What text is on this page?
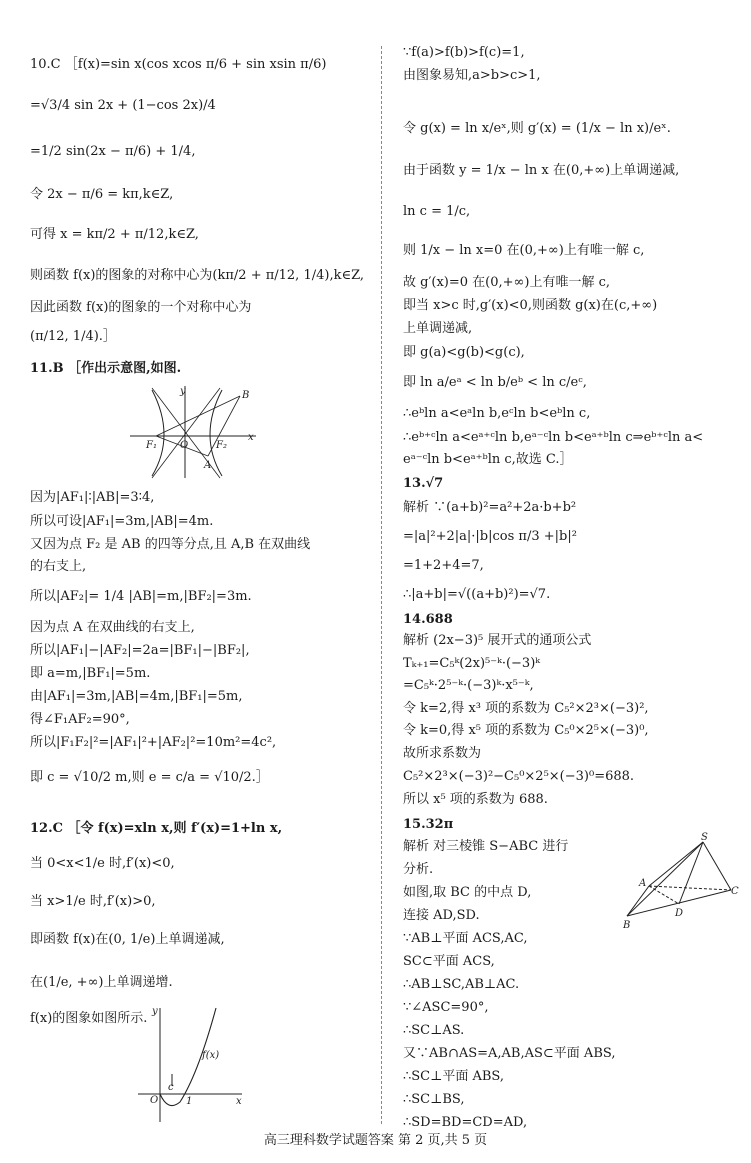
10.C ［f(x)=sin x(cos xcos π/6 + sin xsin π/6)
=√3/4 sin 2x + (1−cos 2x)/4
=1/2 sin(2x − π/6) + 1/4,
令 2x − π/6 = kπ,k∈Z,
可得 x = kπ/2 + π/12,k∈Z,
则函数 f(x)的图象的对称中心为(kπ/2 + π/12, 1/4),k∈Z,
因此函数 f(x)的图象的一个对称中心为
(π/12, 1/4).］
11.B ［作出示意图,如图.
y	B
F₁ O	F₂
A
x
因为|AF₁|∶|AB|=3∶4,
所以可设|AF₁|=3m,|AB|=4m.
又因为点 F₂ 是 AB 的四等分点,且 A,B 在双曲线
的右支上,
所以|AF₂|= 1/4 |AB|=m,|BF₂|=3m.
因为点 A 在双曲线的右支上,
所以|AF₁|−|AF₂|=2a=|BF₁|−|BF₂|,
即 a=m,|BF₁|=5m.
由|AF₁|=3m,|AB|=4m,|BF₁|=5m,
得∠F₁AF₂=90°,
所以|F₁F₂|²=|AF₁|²+|AF₂|²=10m²=4c²,
即 c = √10/2 m,则 e = c/a = √10/2.］
12.C ［令 f(x)=xln x,则 f′(x)=1+ln x,
当 0<x<1/e 时,f′(x)<0,
当 x>1/e 时,f′(x)>0,
即函数 f(x)在(0, 1/e)上单调递减,
在(1/e, +∞)上单调递增.
f(x)的图象如图所示. y
f(x)
c
O	1	x
∵f(a)>f(b)>f(c)=1,
由图象易知,a>b>c>1,
令 g(x) = ln x/eˣ,则 g′(x) = (1/x − ln x)/eˣ.
由于函数 y = 1/x − ln x 在(0,+∞)上单调递减,
ln c = 1/c,
则 1/x − ln x=0 在(0,+∞)上有唯一解 c,
故 g′(x)=0 在(0,+∞)上有唯一解 c,
即当 x>c 时,g′(x)<0,则函数 g(x)在(c,+∞)
上单调递减,
即 g(a)<g(b)<g(c),
即 ln a/eᵃ < ln b/eᵇ < ln c/eᶜ,
∴eᵇln a<eᵃln b,eᶜln b<eᵇln c,
∴eᵇ⁺ᶜln a<eᵃ⁺ᶜln b,eᵃ⁻ᶜln b<eᵃ⁺ᵇln c⇒eᵇ⁺ᶜln a<
eᵃ⁻ᶜln b<eᵃ⁺ᵇln c,故选 C.］
13.√7
解析 ∵(a+b)²=a²+2a·b+b²
=|a|²+2|a|·|b|cos π/3 +|b|²
=1+2+4=7,
∴|a+b|=√((a+b)²)=√7.
14.688
解析 (2x−3)⁵ 展开式的通项公式
Tₖ₊₁=C₅ᵏ(2x)⁵⁻ᵏ·(−3)ᵏ
=C₅ᵏ·2⁵⁻ᵏ·(−3)ᵏ·x⁵⁻ᵏ,
令 k=2,得 x³ 项的系数为 C₅²×2³×(−3)²,
令 k=0,得 x⁵ 项的系数为 C₅⁰×2⁵×(−3)⁰,
故所求系数为
C₅²×2³×(−3)²−C₅⁰×2⁵×(−3)⁰=688.
所以 x⁵ 项的系数为 688.
15.32π
解析 对三棱锥 S−ABC 进行
分析.
如图,取 BC 的中点 D,
连接 AD,SD.
∵AB⊥平面 ACS,AC,
SC⊂平面 ACS,
∴AB⊥SC,AB⊥AC.
∵∠ASC=90°,
∴SC⊥AS.
又∵AB∩AS=A,AB,AS⊂平面 ABS,
∴SC⊥平面 ABS,
∴SC⊥BS,
∴SD=BD=CD=AD,
S
A
C
D
B
高三理科数学试题答案 第 2 页,共 5 页
